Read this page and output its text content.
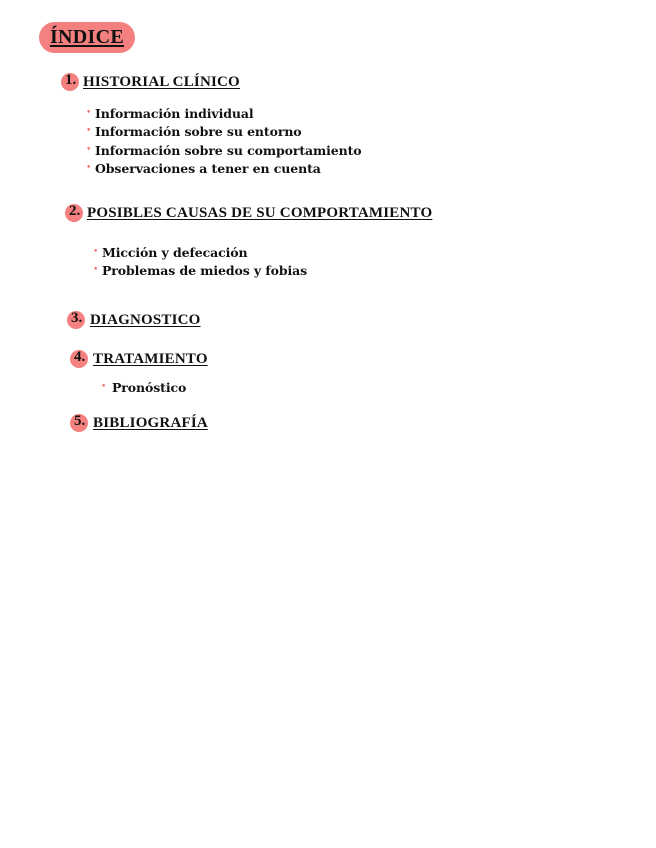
ÍNDICE
1. HISTORIAL CLÍNICO
• Información individual
• Información sobre su entorno
• Información sobre su comportamiento
• Observaciones a tener en cuenta
2. POSIBLES CAUSAS DE SU COMPORTAMIENTO
• Micción y defecación
• Problemas de miedos y fobias
3. DIAGNOSTICO
4. TRATAMIENTO
• Pronóstico
5. BIBLIOGRAFÍA
